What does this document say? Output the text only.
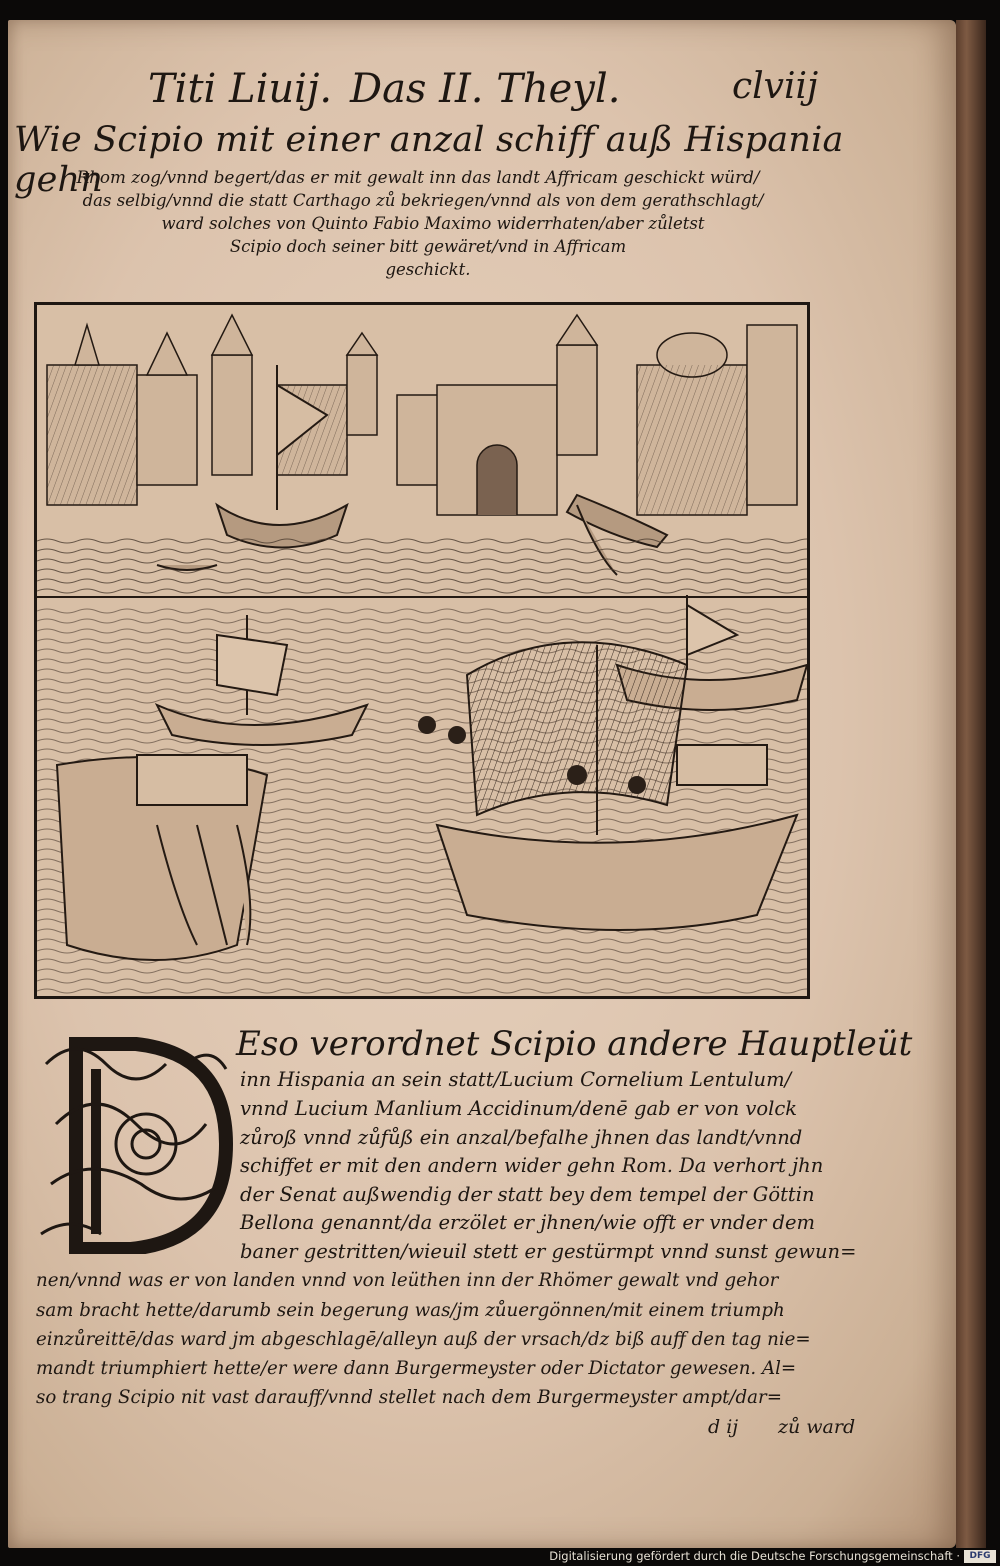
Titi Liuij. Das II. Theyl.	clviij
Wie Scipio mit einer anzal schiff auß Hispania gehn
Rhom zog/vnnd begert/das er mit gewalt inn das landt Affricam geschickt würd/
das selbig/vnnd die statt Carthago zů bekriegen/vnnd als von dem gerathschlagt/
ward solches von Quinto Fabio Maximo widerrhaten/aber zůletst
Scipio doch seiner bitt gewäret/vnd in Affricam
geschickt.
Eso verordnet Scipio andere Hauptleüt
inn Hispania an sein statt/Lucium Cornelium Lentulum/
vnnd Lucium Manlium Accidinum/denē gab er von volck
zůroß vnnd zůfůß ein anzal/befalhe jhnen das landt/vnnd
schiffet er mit den andern wider gehn Rom. Da verhort jhn
der Senat außwendig der statt bey dem tempel der Göttin
Bellona genannt/da erzölet er jhnen/wie offt er vnder dem
baner gestritten/wieuil stett er gestürmpt vnnd sunst gewun=
nen/vnnd was er von landen vnnd von leüthen inn der Rhömer gewalt vnd gehor
sam bracht hette/darumb sein begerung was/jm zůuergönnen/mit einem triumph
einzůreittē/das ward jm abgeschlagē/alleyn auß der vrsach/dz biß auff den tag nie=
mandt triumphiert hette/er were dann Burgermeyster oder Dictator gewesen. Al=
so trang Scipio nit vast darauff/vnnd stellet nach dem Burgermeyster ampt/dar=
d ij zů ward
Digitalisierung gefördert durch die Deutsche Forschungsgemeinschaft ·	DFG
